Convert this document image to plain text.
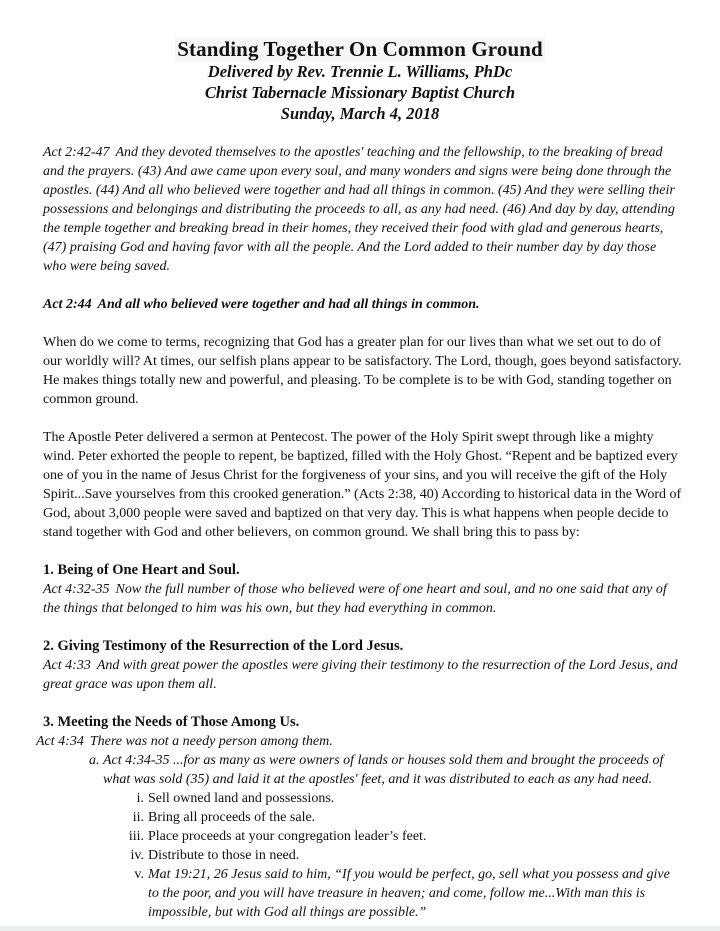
Standing Together On Common Ground
Delivered by Rev. Trennie L. Williams, PhDc
Christ Tabernacle Missionary Baptist Church
Sunday, March 4, 2018

Act 2:42-47 And they devoted themselves to the apostles' teaching and the fellowship, to the breaking of bread and the prayers. (43) And awe came upon every soul, and many wonders and signs were being done through the apostles. (44) And all who believed were together and had all things in common. (45) And they were selling their possessions and belongings and distributing the proceeds to all, as any had need. (46) And day by day, attending the temple together and breaking bread in their homes, they received their food with glad and generous hearts, (47) praising God and having favor with all the people. And the Lord added to their number day by day those who were being saved.

Act 2:44 And all who believed were together and had all things in common.

When do we come to terms, recognizing that God has a greater plan for our lives than what we set out to do of our worldly will? At times, our selfish plans appear to be satisfactory. The Lord, though, goes beyond satisfactory. He makes things totally new and powerful, and pleasing. To be complete is to be with God, standing together on common ground.

The Apostle Peter delivered a sermon at Pentecost. The power of the Holy Spirit swept through like a mighty wind. Peter exhorted the people to repent, be baptized, filled with the Holy Ghost. “Repent and be baptized every one of you in the name of Jesus Christ for the forgiveness of your sins, and you will receive the gift of the Holy Spirit...Save yourselves from this crooked generation.” (Acts 2:38, 40) According to historical data in the Word of God, about 3,000 people were saved and baptized on that very day. This is what happens when people decide to stand together with God and other believers, on common ground. We shall bring this to pass by:

1. Being of One Heart and Soul.

Act 4:32-35 Now the full number of those who believed were of one heart and soul, and no one said that any of the things that belonged to him was his own, but they had everything in common.

2. Giving Testimony of the Resurrection of the Lord Jesus.

Act 4:33 And with great power the apostles were giving their testimony to the resurrection of the Lord Jesus, and great grace was upon them all.

3. Meeting the Needs of Those Among Us.

Act 4:34 There was not a needy person among them.

a. Act 4:34-35 ...for as many as were owners of lands or houses sold them and brought the proceeds of what was sold (35) and laid it at the apostles' feet, and it was distributed to each as any had need.
i. Sell owned land and possessions.
ii. Bring all proceeds of the sale.
iii. Place proceeds at your congregation leader’s feet.
iv. Distribute to those in need.
v. Mat 19:21, 26 Jesus said to him, “If you would be perfect, go, sell what you possess and give to the poor, and you will have treasure in heaven; and come, follow me...With man this is impossible, but with God all things are possible.”
